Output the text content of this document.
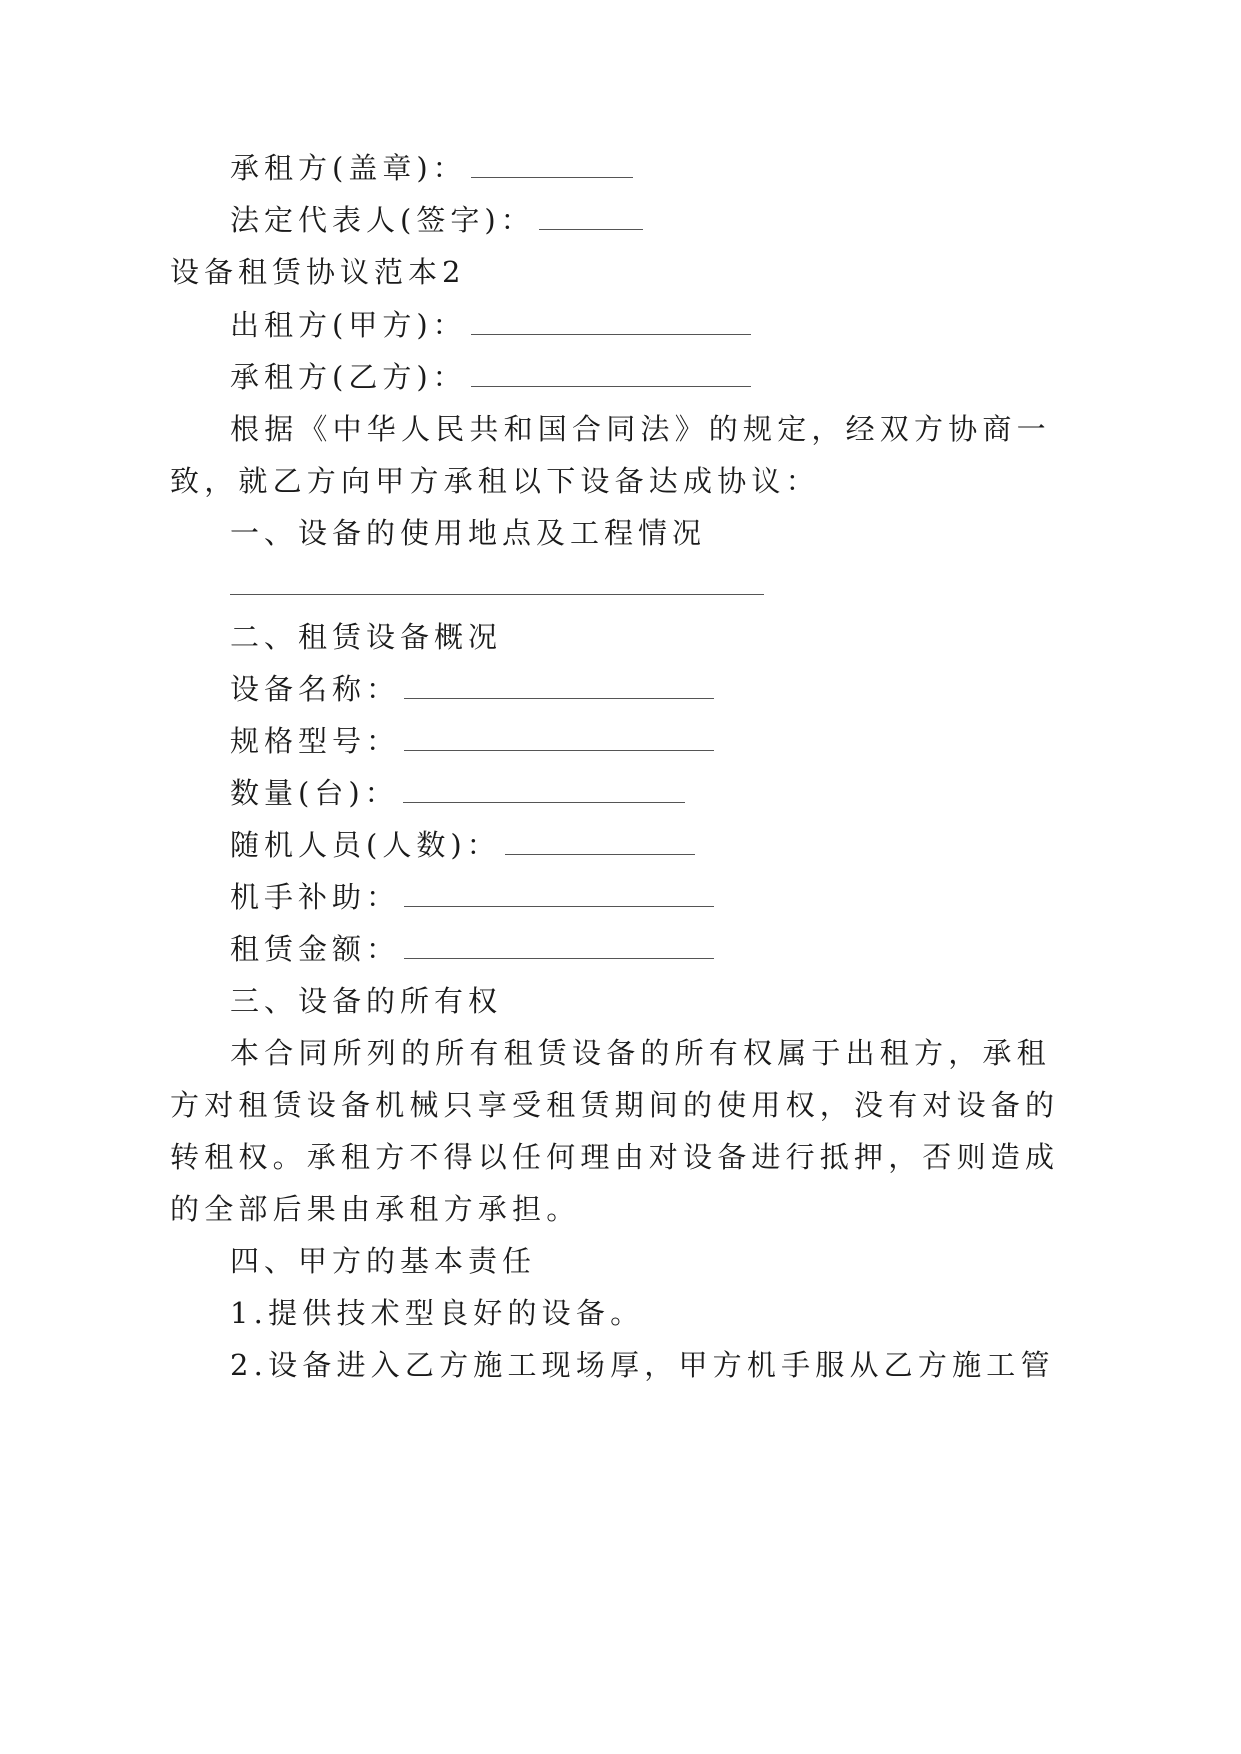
承租方(盖章)：
法定代表人(签字)：
设备租赁协议范本2
出租方(甲方)：
承租方(乙方)：
根据《中华人民共和国合同法》的规定，经双方协商一
致，就乙方向甲方承租以下设备达成协议：
一、设备的使用地点及工程情况
二、租赁设备概况
设备名称：
规格型号：
数量(台)：
随机人员(人数)：
机手补助：
租赁金额：
三、设备的所有权
本合同所列的所有租赁设备的所有权属于出租方，承租
方对租赁设备机械只享受租赁期间的使用权，没有对设备的
转租权。承租方不得以任何理由对设备进行抵押，否则造成
的全部后果由承租方承担。
四、甲方的基本责任
1.提供技术型良好的设备。
2.设备进入乙方施工现场厚，甲方机手服从乙方施工管
